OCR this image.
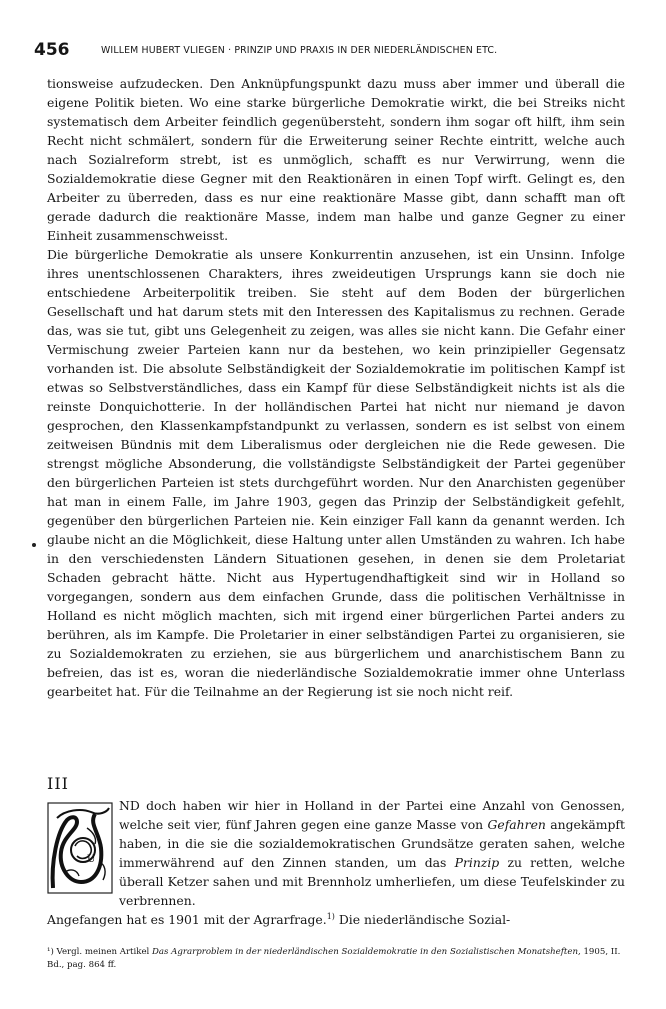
456	WILLEM HUBERT VLIEGEN · PRINZIP UND PRAXIS IN DER NIEDERLÄNDISCHEN ETC.

tionsweise aufzudecken. Den Anknüpfungspunkt dazu muss aber immer und überall die eigene Politik bieten. Wo eine starke bürgerliche Demokratie wirkt, die bei Streiks nicht systematisch dem Arbeiter feindlich gegenübersteht, sondern ihm sogar oft hilft, ihm sein Recht nicht schmälert, sondern für die Erweiterung seiner Rechte eintritt, welche auch nach Sozialreform strebt, ist es unmöglich, schafft es nur Verwirrung, wenn die Sozialdemokratie diese Gegner mit den Reaktionären in einen Topf wirft. Gelingt es, den Arbeiter zu überreden, dass es nur eine reaktionäre Masse gibt, dann schafft man oft gerade dadurch die reaktionäre Masse, indem man halbe und ganze Gegner zu einer Einheit zusammenschweisst.

Die bürgerliche Demokratie als unsere Konkurrentin anzusehen, ist ein Unsinn. Infolge ihres unentschlossenen Charakters, ihres zweideutigen Ursprungs kann sie doch nie entschiedene Arbeiterpolitik treiben. Sie steht auf dem Boden der bürgerlichen Gesellschaft und hat darum stets mit den Interessen des Kapitalismus zu rechnen. Gerade das, was sie tut, gibt uns Gelegenheit zu zeigen, was alles sie nicht kann. Die Gefahr einer Vermischung zweier Parteien kann nur da bestehen, wo kein prinzipieller Gegensatz vorhanden ist. Die absolute Selbständigkeit der Sozialdemokratie im politischen Kampf ist etwas so Selbstverständliches, dass ein Kampf für diese Selbständigkeit nichts ist als die reinste Donquichotterie. In der holländischen Partei hat nicht nur niemand je davon gesprochen, den Klassenkampfstandpunkt zu verlassen, sondern es ist selbst von einem zeitweisen Bündnis mit dem Liberalismus oder dergleichen nie die Rede gewesen. Die strengst mögliche Absonderung, die vollständigste Selbständigkeit der Partei gegenüber den bürgerlichen Parteien ist stets durchgeführt worden. Nur den Anarchisten gegenüber hat man in einem Falle, im Jahre 1903, gegen das Prinzip der Selbständigkeit gefehlt, gegenüber den bürgerlichen Parteien nie. Kein einziger Fall kann da genannt werden. Ich glaube nicht an die Möglichkeit, diese Haltung unter allen Umständen zu wahren. Ich habe in den verschiedensten Ländern Situationen gesehen, in denen sie dem Proletariat Schaden gebracht hätte. Nicht aus Hypertugendhaftigkeit sind wir in Holland so vorgegangen, sondern aus dem einfachen Grunde, dass die politischen Verhältnisse in Holland es nicht möglich machten, sich mit irgend einer bürgerlichen Partei anders zu berühren, als im Kampfe. Die Proletarier in einer selbständigen Partei zu organisieren, sie zu Sozialdemokraten zu erziehen, sie aus bürgerlichem und anarchistischem Bann zu befreien, das ist es, woran die niederländische Sozialdemokratie immer ohne Unterlass gearbeitet hat. Für die Teilnahme an der Regierung ist sie noch nicht reif.

III
U

ND doch haben wir hier in Holland in der Partei eine Anzahl von Genossen, welche seit vier, fünf Jahren gegen eine ganze Masse von Gefahren angekämpft haben, in die sie die sozialdemokratischen Grundsätze geraten sahen, welche immerwährend auf den Zinnen standen, um das Prinzip zu retten, welche überall Ketzer sahen und mit Brennholz umherliefen, um diese Teufelskinder zu verbrennen.

Angefangen hat es 1901 mit der Agrarfrage.$^{1)}$ Die niederländische Sozial-

¹) Vergl. meinen Artikel Das Agrarproblem in der niederländischen Sozialdemokratie in den Sozialistischen Monatsheften, 1905, II. Bd., pag. 864 ff.
